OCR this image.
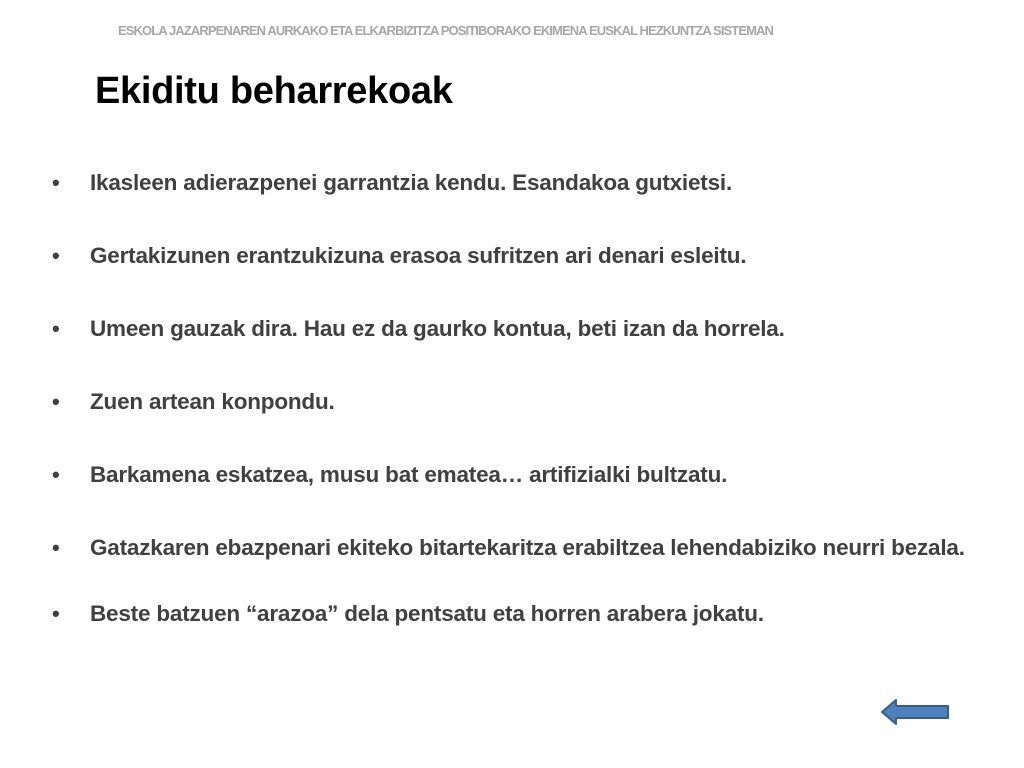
ESKOLA JAZARPENAREN AURKAKO ETA ELKARBIZITZA POSITIBORAKO EKIMENA EUSKAL HEZKUNTZA SISTEMAN
Ekiditu beharrekoak
• Ikasleen adierazpenei garrantzia kendu. Esandakoa gutxietsi.
• Gertakizunen erantzukizuna erasoa sufritzen ari denari esleitu.
• Umeen gauzak dira. Hau ez da gaurko kontua, beti izan da horrela.
• Zuen artean konpondu.
• Barkamena eskatzea, musu bat ematea… artifizialki bultzatu.
• Gatazkaren ebazpenari ekiteko bitartekaritza erabiltzea lehendabiziko neurri bezala.
• Beste batzuen “arazoa” dela pentsatu eta horren arabera jokatu.
